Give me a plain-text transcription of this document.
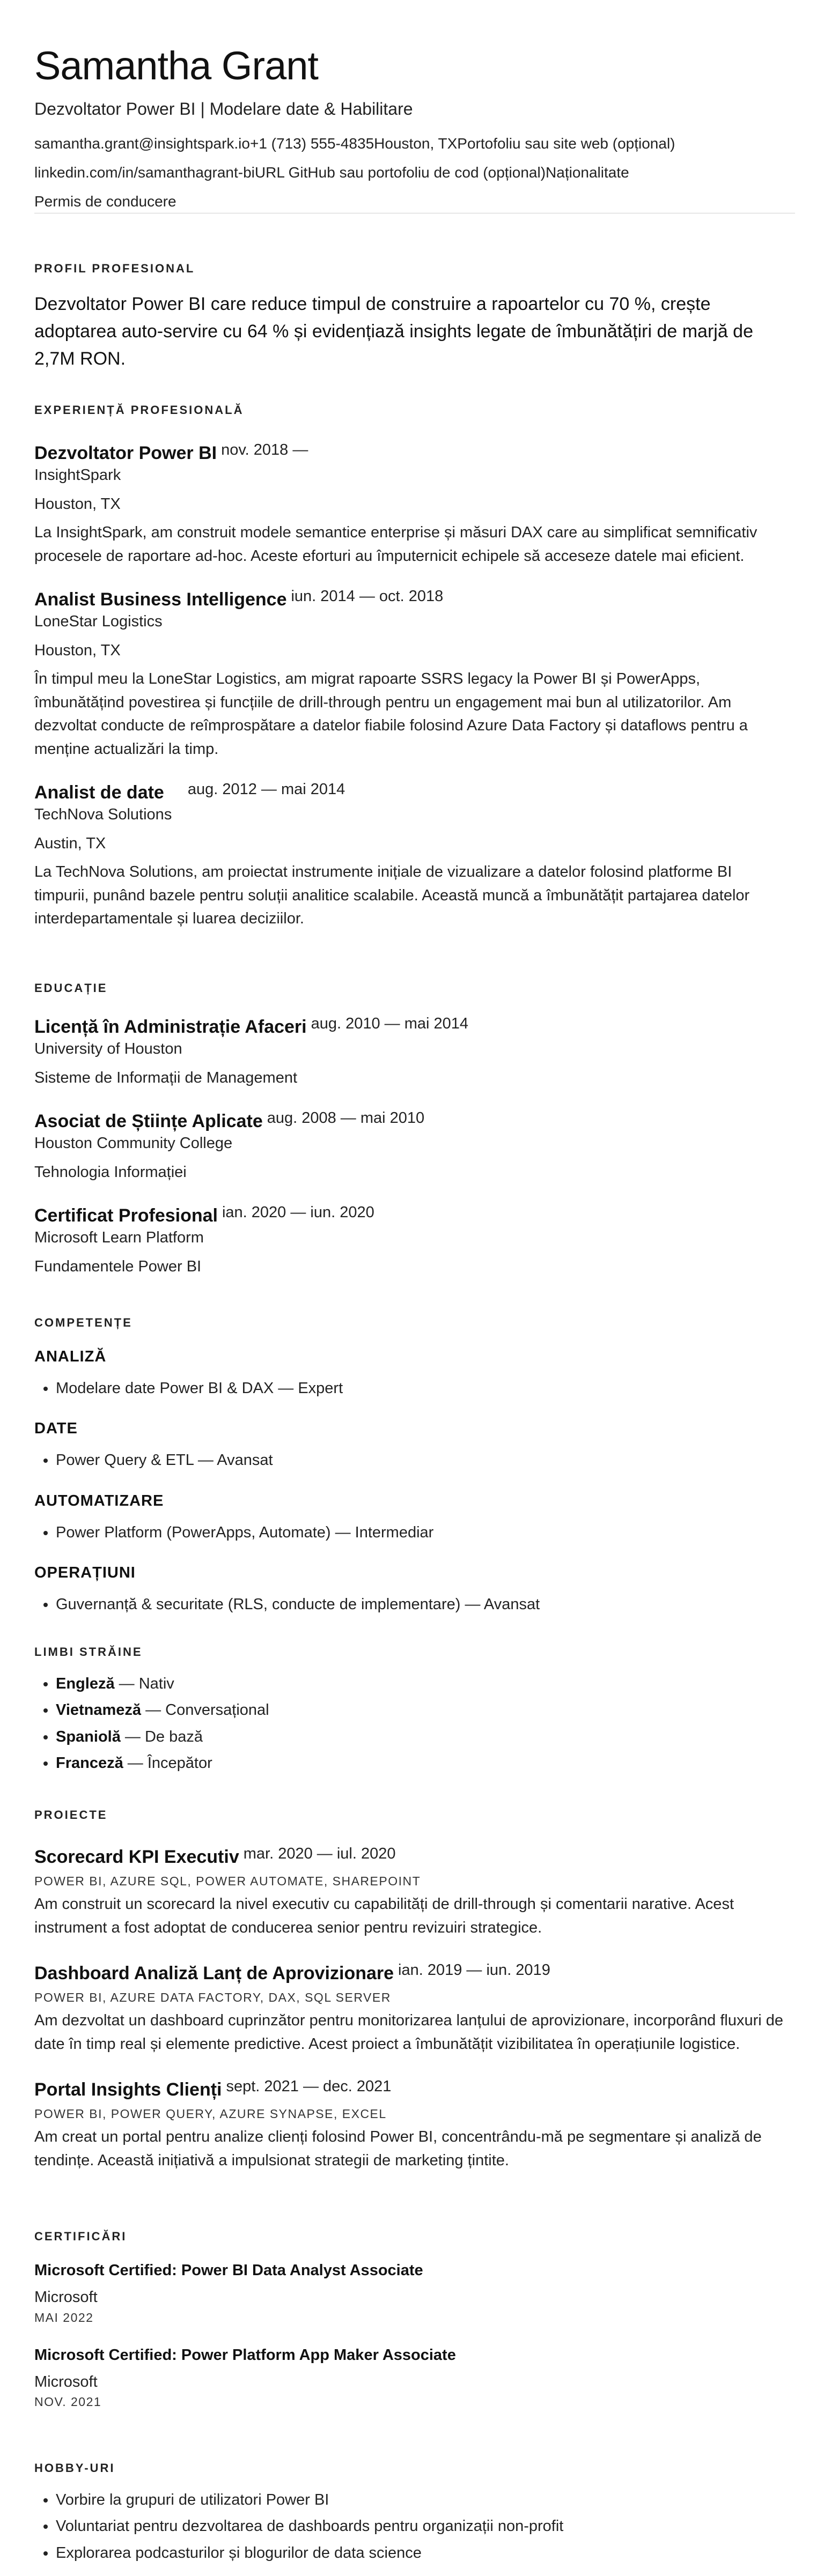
Samantha Grant
Dezvoltator Power BI | Modelare date & Habilitare
samantha.grant@insightspark.io+1 (713) 555-4835Houston, TXPortofoliu sau site web (opțional)
linkedin.com/in/samanthagrant-biURL GitHub sau portofoliu de cod (opțional)Naționalitate
Permis de conducere
PROFIL PROFESIONAL
Dezvoltator Power BI care reduce timpul de construire a rapoartelor cu 70 %, crește adoptarea auto-servire cu 64 % și evidențiază insights legate de îmbunătățiri de marjă de 2,7M RON.
EXPERIENȚĂ PROFESIONALĂ
Dezvoltator Power BI nov. 2018 —
InsightSpark
Houston, TX
La InsightSpark, am construit modele semantice enterprise și măsuri DAX care au simplificat semnificativ procesele de raportare ad-hoc. Aceste eforturi au împuternicit echipele să acceseze datele mai eficient.
Analist Business Intelligence iun. 2014 — oct. 2018
LoneStar Logistics
Houston, TX
În timpul meu la LoneStar Logistics, am migrat rapoarte SSRS legacy la Power BI și PowerApps, îmbunătățind povestirea și funcțiile de drill-through pentru un engagement mai bun al utilizatorilor. Am dezvoltat conducte de reîmprospătare a datelor fiabile folosind Azure Data Factory și dataflows pentru a menține actualizări la timp.
Analist de date aug. 2012 — mai 2014
TechNova Solutions
Austin, TX
La TechNova Solutions, am proiectat instrumente inițiale de vizualizare a datelor folosind platforme BI timpurii, punând bazele pentru soluții analitice scalabile. Această muncă a îmbunătățit partajarea datelor interdepartamentale și luarea deciziilor.
EDUCAȚIE
Licență în Administrație Afaceri aug. 2010 — mai 2014
University of Houston
Sisteme de Informații de Management
Asociat de Științe Aplicate aug. 2008 — mai 2010
Houston Community College
Tehnologia Informației
Certificat Profesional ian. 2020 — iun. 2020
Microsoft Learn Platform
Fundamentele Power BI
COMPETENȚE
ANALIZĂ
• Modelare date Power BI & DAX — Expert
DATE
• Power Query & ETL — Avansat
AUTOMATIZARE
• Power Platform (PowerApps, Automate) — Intermediar
OPERAȚIUNI
• Guvernanță & securitate (RLS, conducte de implementare) — Avansat
LIMBI STRĂINE
• Engleză — Nativ
• Vietnameză — Conversațional
• Spaniolă — De bază
• Franceză — Începător
PROIECTE
Scorecard KPI Executiv mar. 2020 — iul. 2020
POWER BI, AZURE SQL, POWER AUTOMATE, SHAREPOINT
Am construit un scorecard la nivel executiv cu capabilități de drill-through și comentarii narative. Acest instrument a fost adoptat de conducerea senior pentru revizuiri strategice.
Dashboard Analiză Lanț de Aprovizionare ian. 2019 — iun. 2019
POWER BI, AZURE DATA FACTORY, DAX, SQL SERVER
Am dezvoltat un dashboard cuprinzător pentru monitorizarea lanțului de aprovizionare, incorporând fluxuri de date în timp real și elemente predictive. Acest proiect a îmbunătățit vizibilitatea în operațiunile logistice.
Portal Insights Clienți sept. 2021 — dec. 2021
POWER BI, POWER QUERY, AZURE SYNAPSE, EXCEL
Am creat un portal pentru analize clienți folosind Power BI, concentrându-mă pe segmentare și analiză de tendințe. Această inițiativă a impulsionat strategii de marketing țintite.
CERTIFICĂRI
Microsoft Certified: Power BI Data Analyst Associate
Microsoft
MAI 2022
Microsoft Certified: Power Platform App Maker Associate
Microsoft
NOV. 2021
HOBBY-URI
• Vorbire la grupuri de utilizatori Power BI
• Voluntariat pentru dezvoltarea de dashboards pentru organizații non-profit
• Explorarea podcasturilor și blogurilor de data science
